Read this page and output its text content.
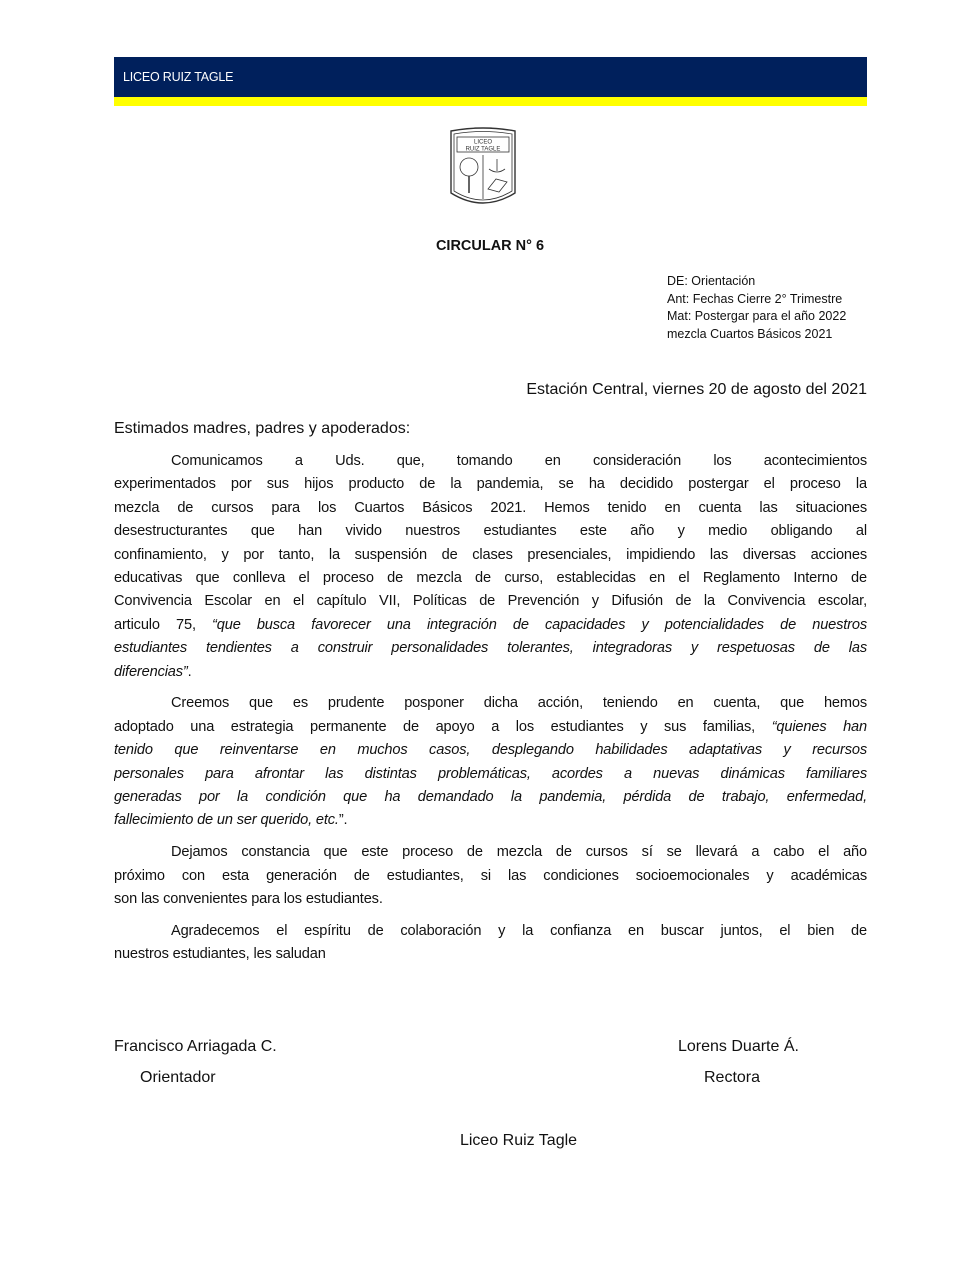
LICEO RUIZ TAGLE
LICEO
RUIZ TAGLE
CIRCULAR N° 6
DE: Orientación
Ant: Fechas Cierre 2° Trimestre
Mat: Postergar para el año 2022
mezcla Cuartos Básicos 2021
Estación Central, viernes 20 de agosto del 2021
Estimados madres, padres y apoderados:
Comunicamos a Uds. que, tomando en consideración los acontecimientos
experimentados por sus hijos producto de la pandemia, se ha decidido postergar el proceso la
mezcla de cursos para los Cuartos Básicos 2021. Hemos tenido en cuenta las situaciones
desestructurantes que han vivido nuestros estudiantes este año y medio obligando al
confinamiento, y por tanto, la suspensión de clases presenciales, impidiendo las diversas acciones
educativas que conlleva el proceso de mezcla de curso, establecidas en el Reglamento Interno de
Convivencia Escolar en el capítulo VII, Políticas de Prevención y Difusión de la Convivencia escolar,
articulo 75, “que busca favorecer una integración de capacidades y potencialidades de nuestros
estudiantes tendientes a construir personalidades tolerantes, integradoras y respetuosas de las
diferencias”.
Creemos que es prudente posponer dicha acción, teniendo en cuenta, que hemos
adoptado una estrategia permanente de apoyo a los estudiantes y sus familias, “quienes han
tenido que reinventarse en muchos casos, desplegando habilidades adaptativas y recursos
personales para afrontar las distintas problemáticas, acordes a nuevas dinámicas familiares
generadas por la condición que ha demandado la pandemia, pérdida de trabajo, enfermedad,
fallecimiento de un ser querido, etc.”.
Dejamos constancia que este proceso de mezcla de cursos sí se llevará a cabo el año
próximo con esta generación de estudiantes, si las condiciones socioemocionales y académicas
son las convenientes para los estudiantes.
Agradecemos el espíritu de colaboración y la confianza en buscar juntos, el bien de
nuestros estudiantes, les saludan
Francisco Arriagada C.
Orientador
Lorens Duarte Á.
Rectora
Liceo Ruiz Tagle
